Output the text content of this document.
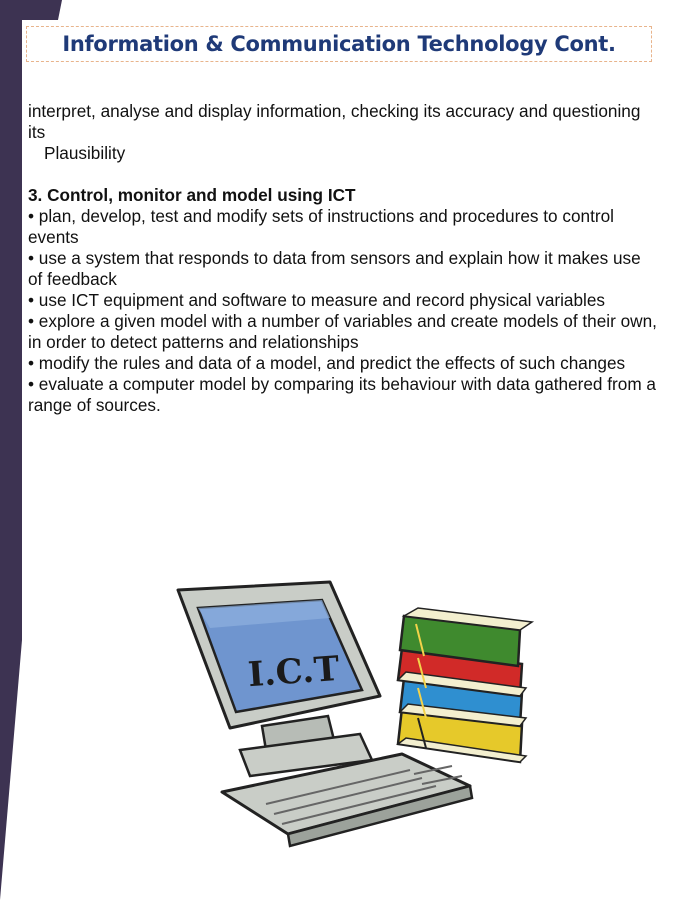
Information & Communication Technology Cont.

interpret, analyse and display information, checking its accuracy and questioning its

Plausibility

3. Control, monitor and model using ICT

• plan, develop, test and modify sets of instructions and procedures to control events

• use a system that responds to data from sensors and explain how it makes use of feedback

• use ICT equipment and software to measure and record physical variables

• explore a given model with a number of variables and create models of their own, in order to detect patterns and relationships

• modify the rules and data of a model, and predict the effects of such changes

• evaluate a computer model by comparing its behaviour with data gathered from a range of sources.

I.C.T
